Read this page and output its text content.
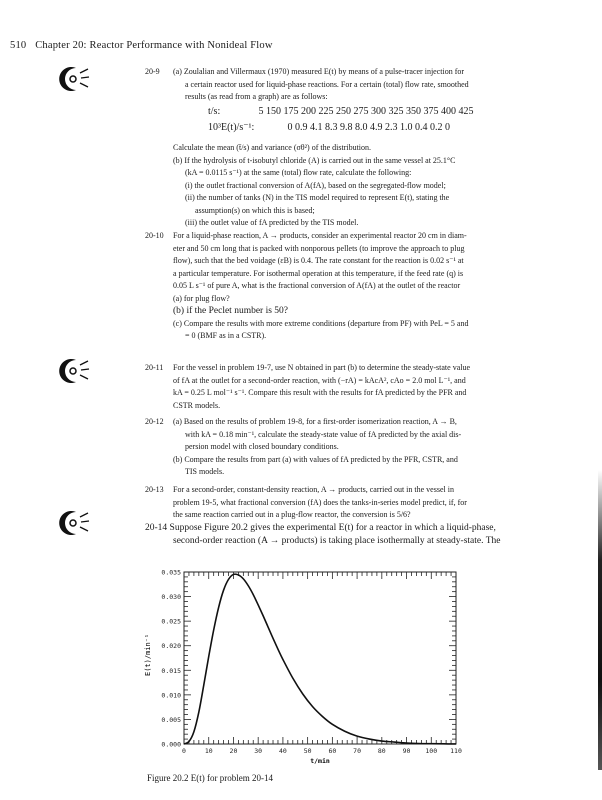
510 Chapter 20: Reactor Performance with Nonideal Flow
20-9	(a) Zoulalian and Villermaux (1970) measured E(t) by means of a pulse-tracer injection for
a certain reactor used for liquid-phase reactions. For a certain (total) flow rate, smoothed
results (as read from a graph) are as follows:
t/s:	5 150 175 200 225 250 275 300 325 350 375 400 425
10³E(t)/s⁻¹:	0 0.9 4.1 8.3 9.8 8.0 4.9 2.3 1.0 0.4 0.2 0
Calculate the mean (t̄/s) and variance (σθ²) of the distribution.
(b) If the hydrolysis of t-isobutyl chloride (A) is carried out in the same vessel at 25.1°C
(kA = 0.0115 s⁻¹) at the same (total) flow rate, calculate the following:
(i) the outlet fractional conversion of A(fA), based on the segregated-flow model;
(ii) the number of tanks (N) in the TIS model required to represent E(t), stating the
assumption(s) on which this is based;
(iii) the outlet value of fA predicted by the TIS model.
20-10	For a liquid-phase reaction, A → products, consider an experimental reactor 20 cm in diam-
eter and 50 cm long that is packed with nonporous pellets (to improve the approach to plug
flow), such that the bed voidage (εB) is 0.4. The rate constant for the reaction is 0.02 s⁻¹ at
a particular temperature. For isothermal operation at this temperature, if the feed rate (q) is
0.05 L s⁻¹ of pure A, what is the fractional conversion of A(fA) at the outlet of the reactor
(a) for plug flow?
(b) if the Peclet number is 50?
(c) Compare the results with more extreme conditions (departure from PF) with PeL = 5 and
= 0 (BMF as in a CSTR).
20-11	For the vessel in problem 19-7, use N obtained in part (b) to determine the steady-state value
of fA at the outlet for a second-order reaction, with (−rA) = kAcA², cAo = 2.0 mol L⁻¹, and
kA = 0.25 L mol⁻¹ s⁻¹. Compare this result with the results for fA predicted by the PFR and
CSTR models.
20-12	(a) Based on the results of problem 19-8, for a first-order isomerization reaction, A → B,
with kA = 0.18 min⁻¹, calculate the steady-state value of fA predicted by the axial dis-
persion model with closed boundary conditions.
(b) Compare the results from part (a) with values of fA predicted by the PFR, CSTR, and
TIS models.
20-13	For a second-order, constant-density reaction, A → products, carried out in the vessel in
problem 19-5, what fractional conversion (fA) does the tanks-in-series model predict, if, for
the same reaction carried out in a plug-flow reactor, the conversion is 5/6?
20-14 Suppose Figure 20.2 gives the experimental E(t) for a reactor in which a liquid-phase,
second-order reaction (A → products) is taking place isothermally at steady-state. The
0.000
0.005
0.010
0.015
0.020
0.025
0.030
0.035
0	10	20	30	40	50	60	70	80	90 100 110
E(t)/min⁻¹
t/min
Figure 20.2 E(t) for problem 20-14
